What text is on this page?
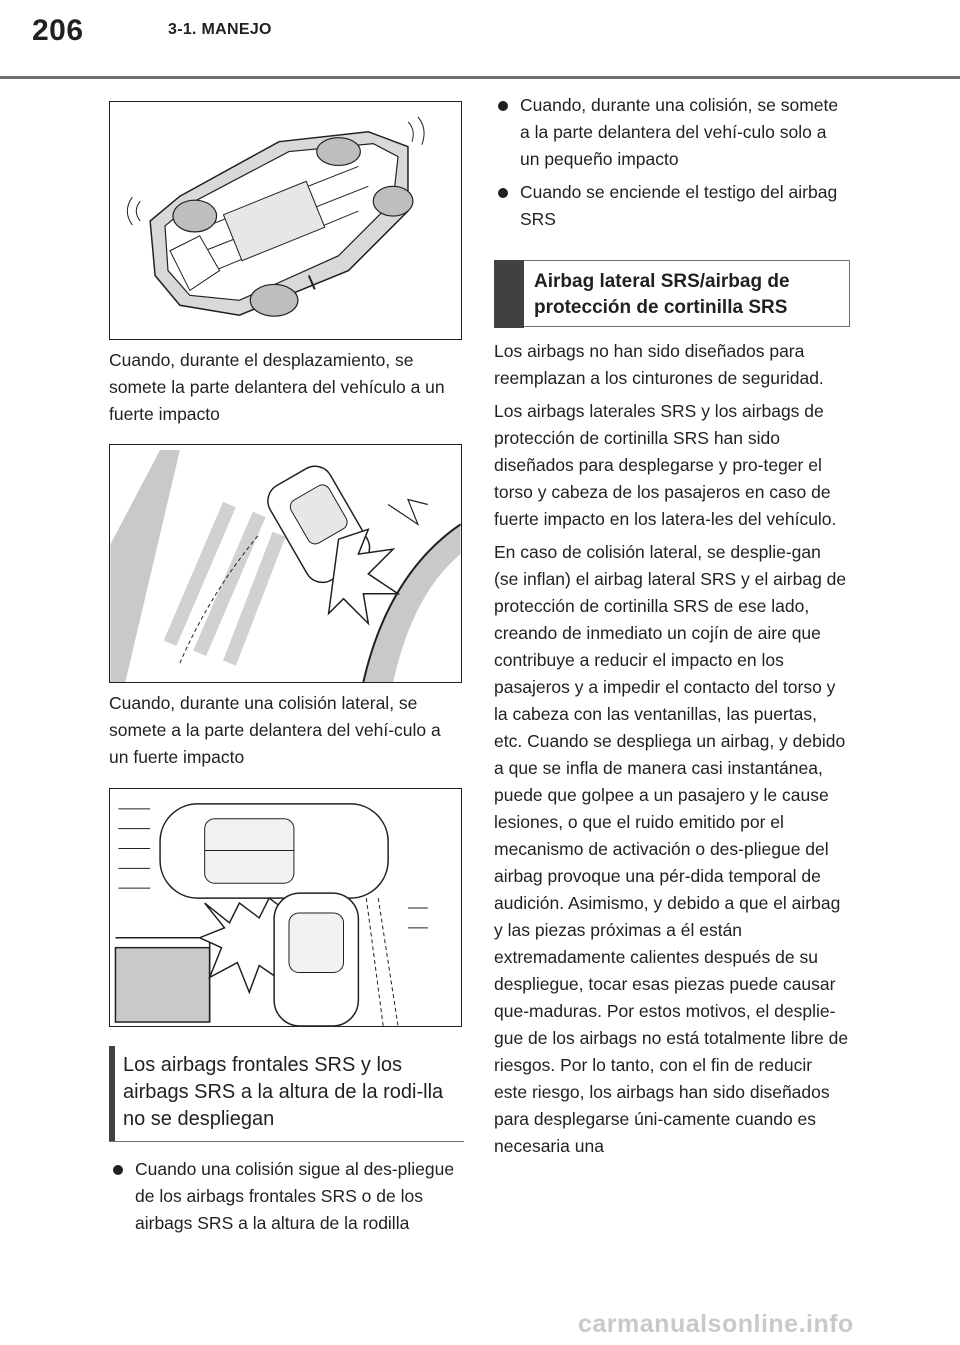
206	3-1. MANEJO
Cuando, durante el desplazamiento, se somete la parte delantera del vehículo a un fuerte impacto
Cuando, durante una colisión lateral, se somete a la parte delantera del vehí-culo a un fuerte impacto
Los airbags frontales SRS y los airbags SRS a la altura de la rodi-lla no se despliegan
Cuando una colisión sigue al des-pliegue de los airbags frontales SRS o de los airbags SRS a la altura de la rodilla
Cuando, durante una colisión, se somete a la parte delantera del vehí-culo solo a un pequeño impacto
Cuando se enciende el testigo del airbag SRS
Airbag lateral SRS/airbag de protección de cortinilla SRS

Los airbags no han sido diseñados para reemplazan a los cinturones de seguridad.

Los airbags laterales SRS y los airbags de protección de cortinilla SRS han sido diseñados para desplegarse y pro-teger el torso y cabeza de los pasajeros en caso de fuerte impacto en los latera-les del vehículo.

En caso de colisión lateral, se desplie-gan (se inflan) el airbag lateral SRS y el airbag de protección de cortinilla SRS de ese lado, creando de inmediato un cojín de aire que contribuye a reducir el impacto en los pasajeros y a impedir el contacto del torso y la cabeza con las ventanillas, las puertas, etc. Cuando se despliega un airbag, y debido a que se infla de manera casi instantánea, puede que golpee a un pasajero y le cause lesiones, o que el ruido emitido por el mecanismo de activación o des-pliegue del airbag provoque una pér-dida temporal de audición. Asimismo, y debido a que el airbag y las piezas próximas a él están extremadamente calientes después de su despliegue, tocar esas piezas puede causar que-maduras. Por estos motivos, el desplie-gue de los airbags no está totalmente libre de riesgos. Por lo tanto, con el fin de reducir este riesgo, los airbags han sido diseñados para desplegarse úni-camente cuando es necesaria una

carmanualsonline.info
